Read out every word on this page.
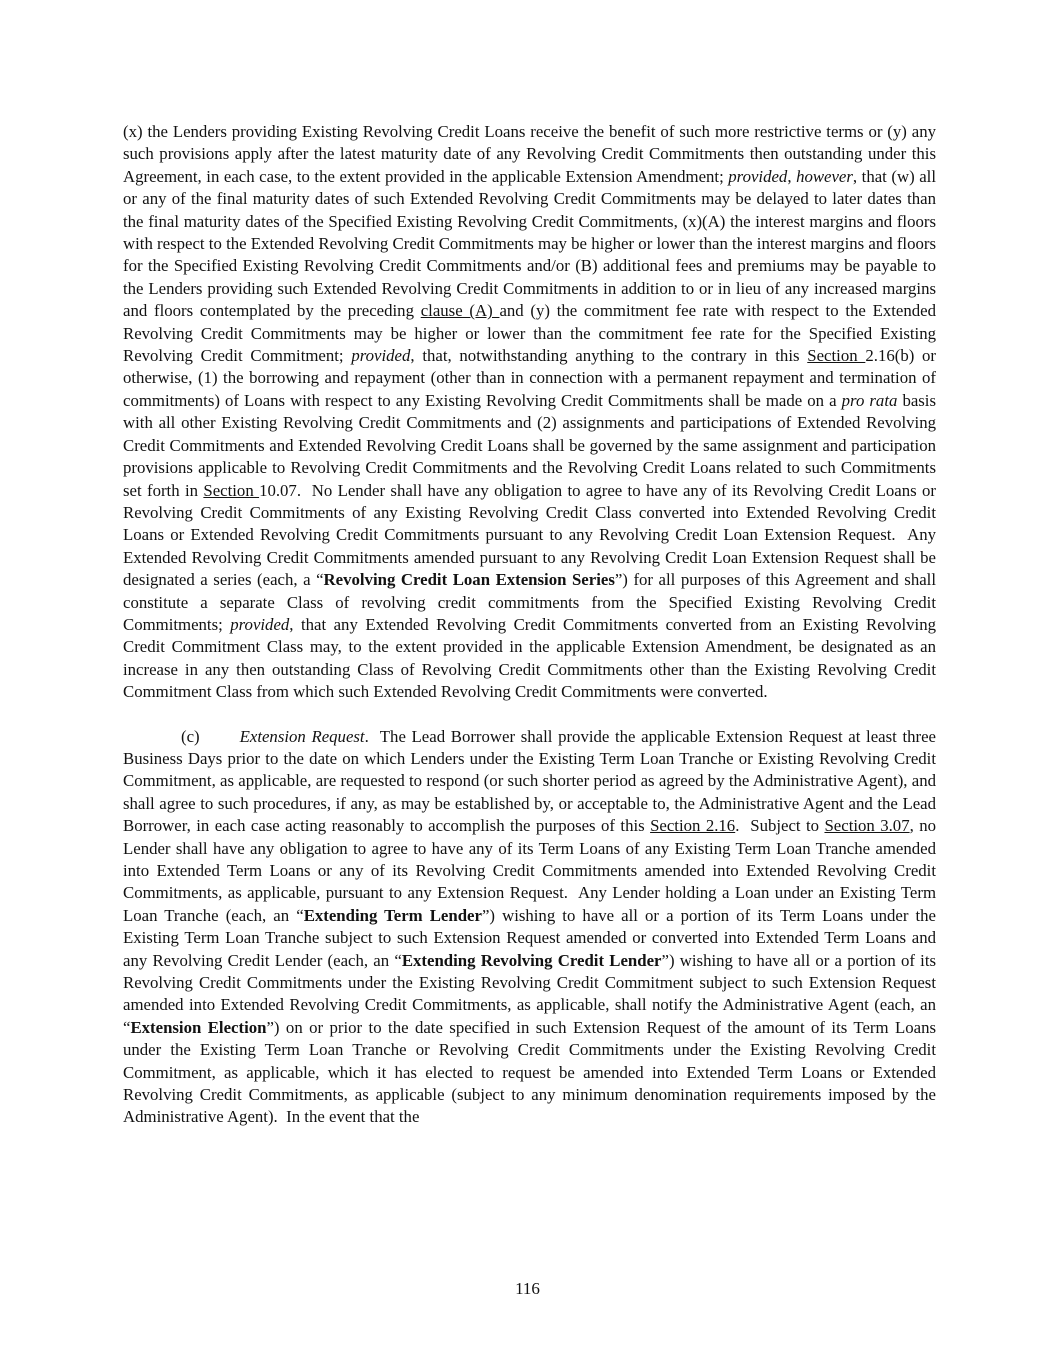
(x) the Lenders providing Existing Revolving Credit Loans receive the benefit of such more restrictive terms or (y) any such provisions apply after the latest maturity date of any Revolving Credit Commitments then outstanding under this Agreement, in each case, to the extent provided in the applicable Extension Amendment; provided, however, that (w) all or any of the final maturity dates of such Extended Revolving Credit Commitments may be delayed to later dates than the final maturity dates of the Specified Existing Revolving Credit Commitments, (x)(A) the interest margins and floors with respect to the Extended Revolving Credit Commitments may be higher or lower than the interest margins and floors for the Specified Existing Revolving Credit Commitments and/or (B) additional fees and premiums may be payable to the Lenders providing such Extended Revolving Credit Commitments in addition to or in lieu of any increased margins and floors contemplated by the preceding clause (A) and (y) the commitment fee rate with respect to the Extended Revolving Credit Commitments may be higher or lower than the commitment fee rate for the Specified Existing Revolving Credit Commitment; provided, that, notwithstanding anything to the contrary in this Section 2.16(b) or otherwise, (1) the borrowing and repayment (other than in connection with a permanent repayment and termination of commitments) of Loans with respect to any Existing Revolving Credit Commitments shall be made on a pro rata basis with all other Existing Revolving Credit Commitments and (2) assignments and participations of Extended Revolving Credit Commitments and Extended Revolving Credit Loans shall be governed by the same assignment and participation provisions applicable to Revolving Credit Commitments and the Revolving Credit Loans related to such Commitments set forth in Section 10.07.  No Lender shall have any obligation to agree to have any of its Revolving Credit Loans or Revolving Credit Commitments of any Existing Revolving Credit Class converted into Extended Revolving Credit Loans or Extended Revolving Credit Commitments pursuant to any Revolving Credit Loan Extension Request.  Any Extended Revolving Credit Commitments amended pursuant to any Revolving Credit Loan Extension Request shall be designated a series (each, a “Revolving Credit Loan Extension Series”) for all purposes of this Agreement and shall constitute a separate Class of revolving credit commitments from the Specified Existing Revolving Credit Commitments; provided, that any Extended Revolving Credit Commitments converted from an Existing Revolving Credit Commitment Class may, to the extent provided in the applicable Extension Amendment, be designated as an increase in any then outstanding Class of Revolving Credit Commitments other than the Existing Revolving Credit Commitment Class from which such Extended Revolving Credit Commitments were converted.

(c) Extension Request.  The Lead Borrower shall provide the applicable Extension Request at least three Business Days prior to the date on which Lenders under the Existing Term Loan Tranche or Existing Revolving Credit Commitment, as applicable, are requested to respond (or such shorter period as agreed by the Administrative Agent), and shall agree to such procedures, if any, as may be established by, or acceptable to, the Administrative Agent and the Lead Borrower, in each case acting reasonably to accomplish the purposes of this Section 2.16.  Subject to Section 3.07, no Lender shall have any obligation to agree to have any of its Term Loans of any Existing Term Loan Tranche amended into Extended Term Loans or any of its Revolving Credit Commitments amended into Extended Revolving Credit Commitments, as applicable, pursuant to any Extension Request.  Any Lender holding a Loan under an Existing Term Loan Tranche (each, an “Extending Term Lender”) wishing to have all or a portion of its Term Loans under the Existing Term Loan Tranche subject to such Extension Request amended or converted into Extended Term Loans and any Revolving Credit Lender (each, an “Extending Revolving Credit Lender”) wishing to have all or a portion of its Revolving Credit Commitments under the Existing Revolving Credit Commitment subject to such Extension Request amended into Extended Revolving Credit Commitments, as applicable, shall notify the Administrative Agent (each, an “Extension Election”) on or prior to the date specified in such Extension Request of the amount of its Term Loans under the Existing Term Loan Tranche or Revolving Credit Commitments under the Existing Revolving Credit Commitment, as applicable, which it has elected to request be amended into Extended Term Loans or Extended Revolving Credit Commitments, as applicable (subject to any minimum denomination requirements imposed by the Administrative Agent).  In the event that the

116
